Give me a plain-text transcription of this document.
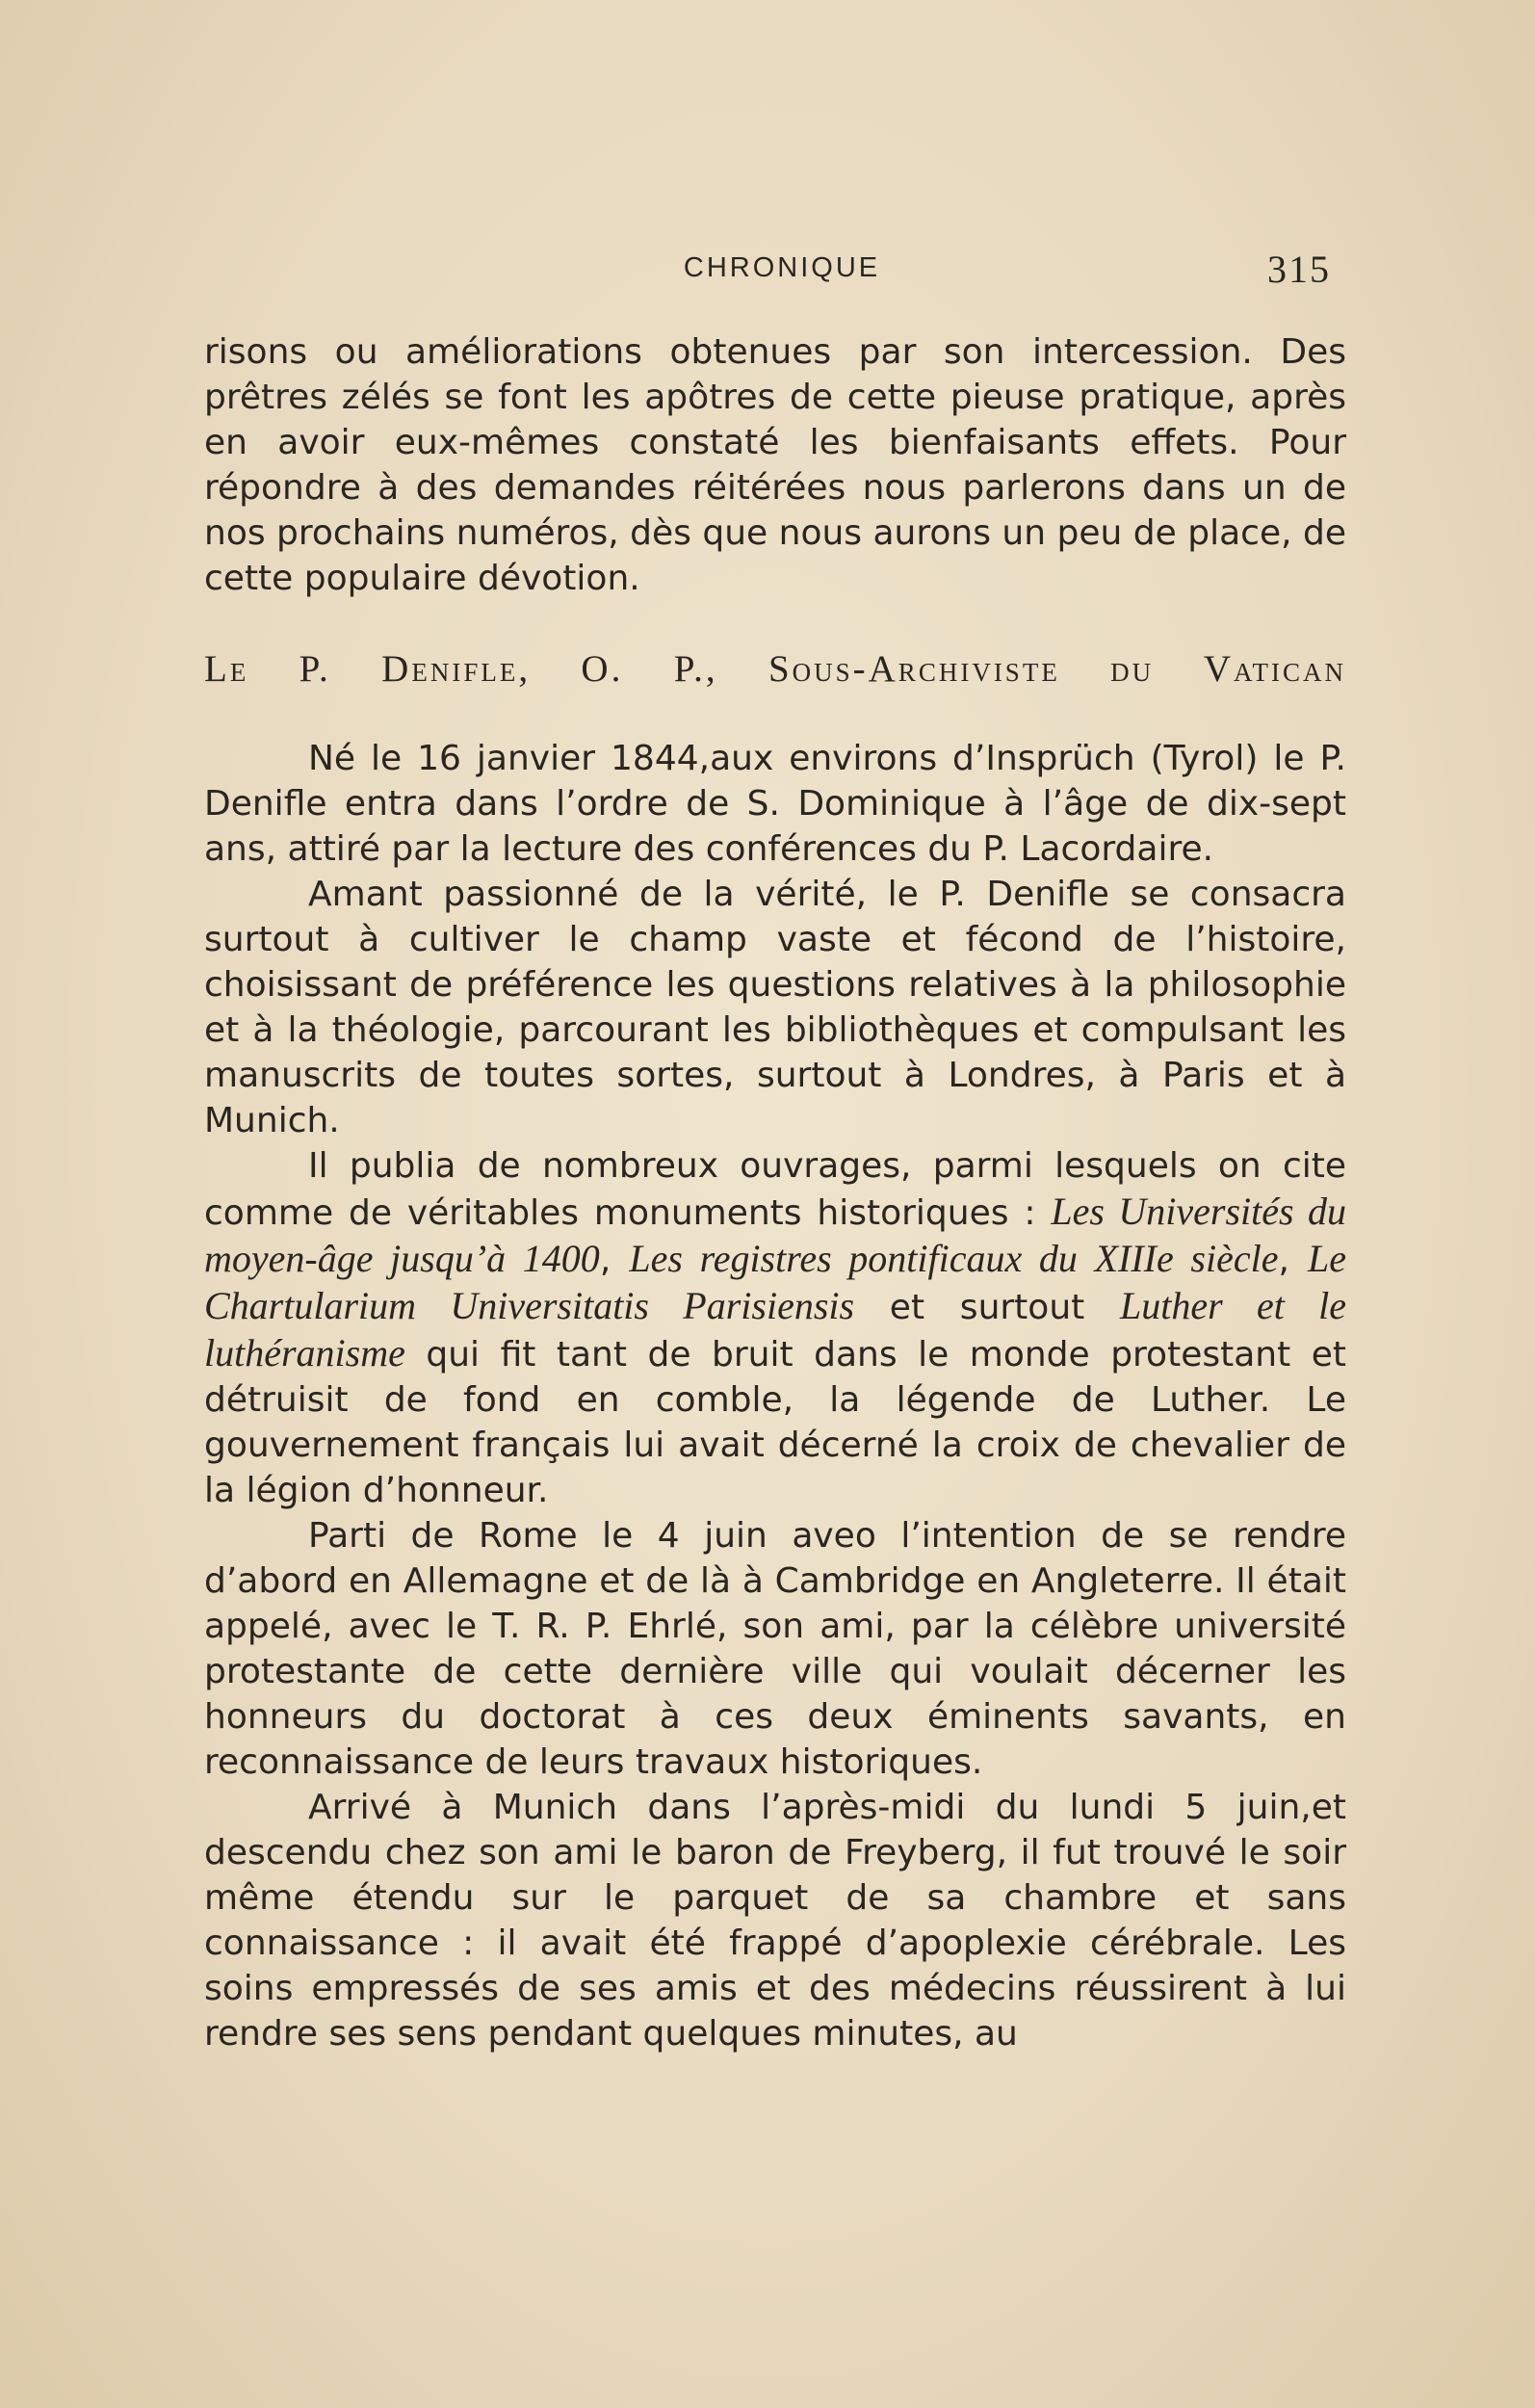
CHRONIQUE	315

risons ou améliorations obtenues par son intercession. Des prêtres zélés se font les apôtres de cette pieuse pratique, après en avoir eux-mêmes constaté les bienfaisants effets. Pour répondre à des demandes réitérées nous parlerons dans un de nos prochains numéros, dès que nous aurons un peu de place, de cette populaire dévotion.

Le P. Denifle, O. P., Sous-Archiviste du Vatican

Né le 16 janvier 1844,aux environs d’Insprüch (Tyrol) le P. Denifle entra dans l’ordre de S. Dominique à l’âge de dix-sept ans, attiré par la lecture des conférences du P. Lacordaire.

Amant passionné de la vérité, le P. Denifle se consacra surtout à cultiver le champ vaste et fécond de l’histoire, choisissant de préférence les questions relatives à la philosophie et à la théologie, parcourant les bibliothèques et compulsant les manuscrits de toutes sortes, surtout à Londres, à Paris et à Munich.

Il publia de nombreux ouvrages, parmi lesquels on cite comme de véritables monuments historiques : Les Universités du moyen-âge jusqu’à 1400, Les registres pontificaux du XIIIe siècle, Le Chartularium Universitatis Parisiensis et surtout Luther et le luthéranisme qui fit tant de bruit dans le monde protestant et détruisit de fond en comble, la légende de Luther. Le gouvernement français lui avait décerné la croix de chevalier de la légion d’honneur.

Parti de Rome le 4 juin aveo l’intention de se rendre d’abord en Allemagne et de là à Cambridge en Angleterre. Il était appelé, avec le T. R. P. Ehrlé, son ami, par la célèbre université protestante de cette dernière ville qui voulait décerner les honneurs du doctorat à ces deux éminents savants, en reconnaissance de leurs travaux historiques.

Arrivé à Munich dans l’après-midi du lundi 5 juin,et descendu chez son ami le baron de Freyberg, il fut trouvé le soir même étendu sur le parquet de sa chambre et sans connaissance : il avait été frappé d’apoplexie cérébrale. Les soins empressés de ses amis et des médecins réussirent à lui rendre ses sens pendant quelques minutes, au
